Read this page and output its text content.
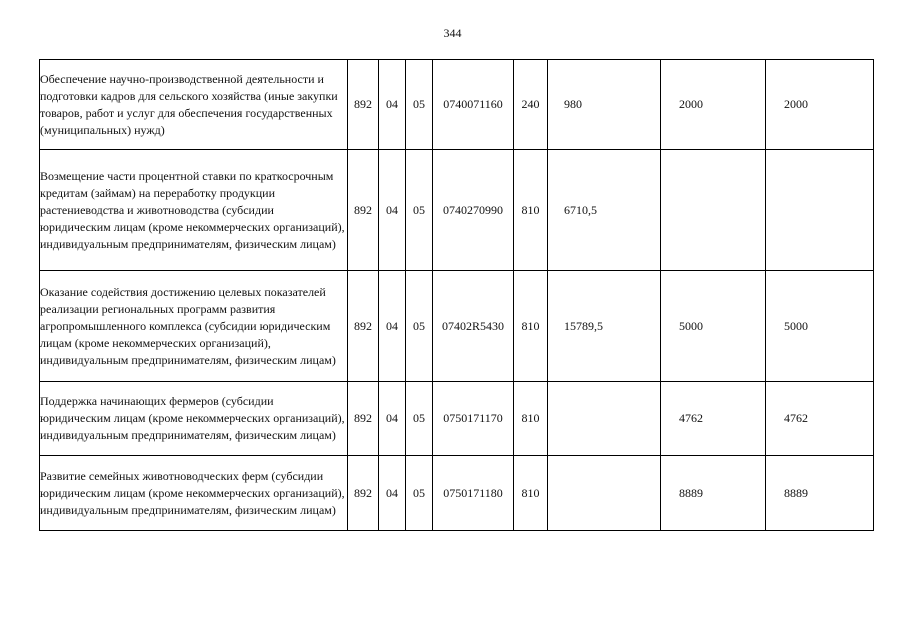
344
Обеспечение научно-производственной деятельности и подготовки кадров для сельского хозяйства (иные закупки товаров, работ и услуг для обеспечения государственных (муниципальных) нужд)	892	04	05	0740071160	240	980	2000	2000
Возмещение части процентной ставки по краткосрочным кредитам (займам) на переработку продукции растениеводства и животноводства (субсидии юридическим лицам (кроме некоммерческих организаций), индивидуальным предпринимателям, физическим лицам)	892	04	05	0740270990	810	6710,5		
Оказание содействия достижению целевых показателей реализации региональных программ развития агропромышленного комплекса (субсидии юридическим лицам (кроме некоммерческих организаций), индивидуальным предпринимателям, физическим лицам)	892	04	05	07402R5430	810	15789,5	5000	5000
Поддержка начинающих фермеров (субсидии юридическим лицам (кроме некоммерческих организаций), индивидуальным предпринимателям, физическим лицам)	892	04	05	0750171170	810		4762	4762
Развитие семейных животноводческих ферм (субсидии юридическим лицам (кроме некоммерческих организаций), индивидуальным предпринимателям, физическим лицам)	892	04	05	0750171180	810		8889	8889
